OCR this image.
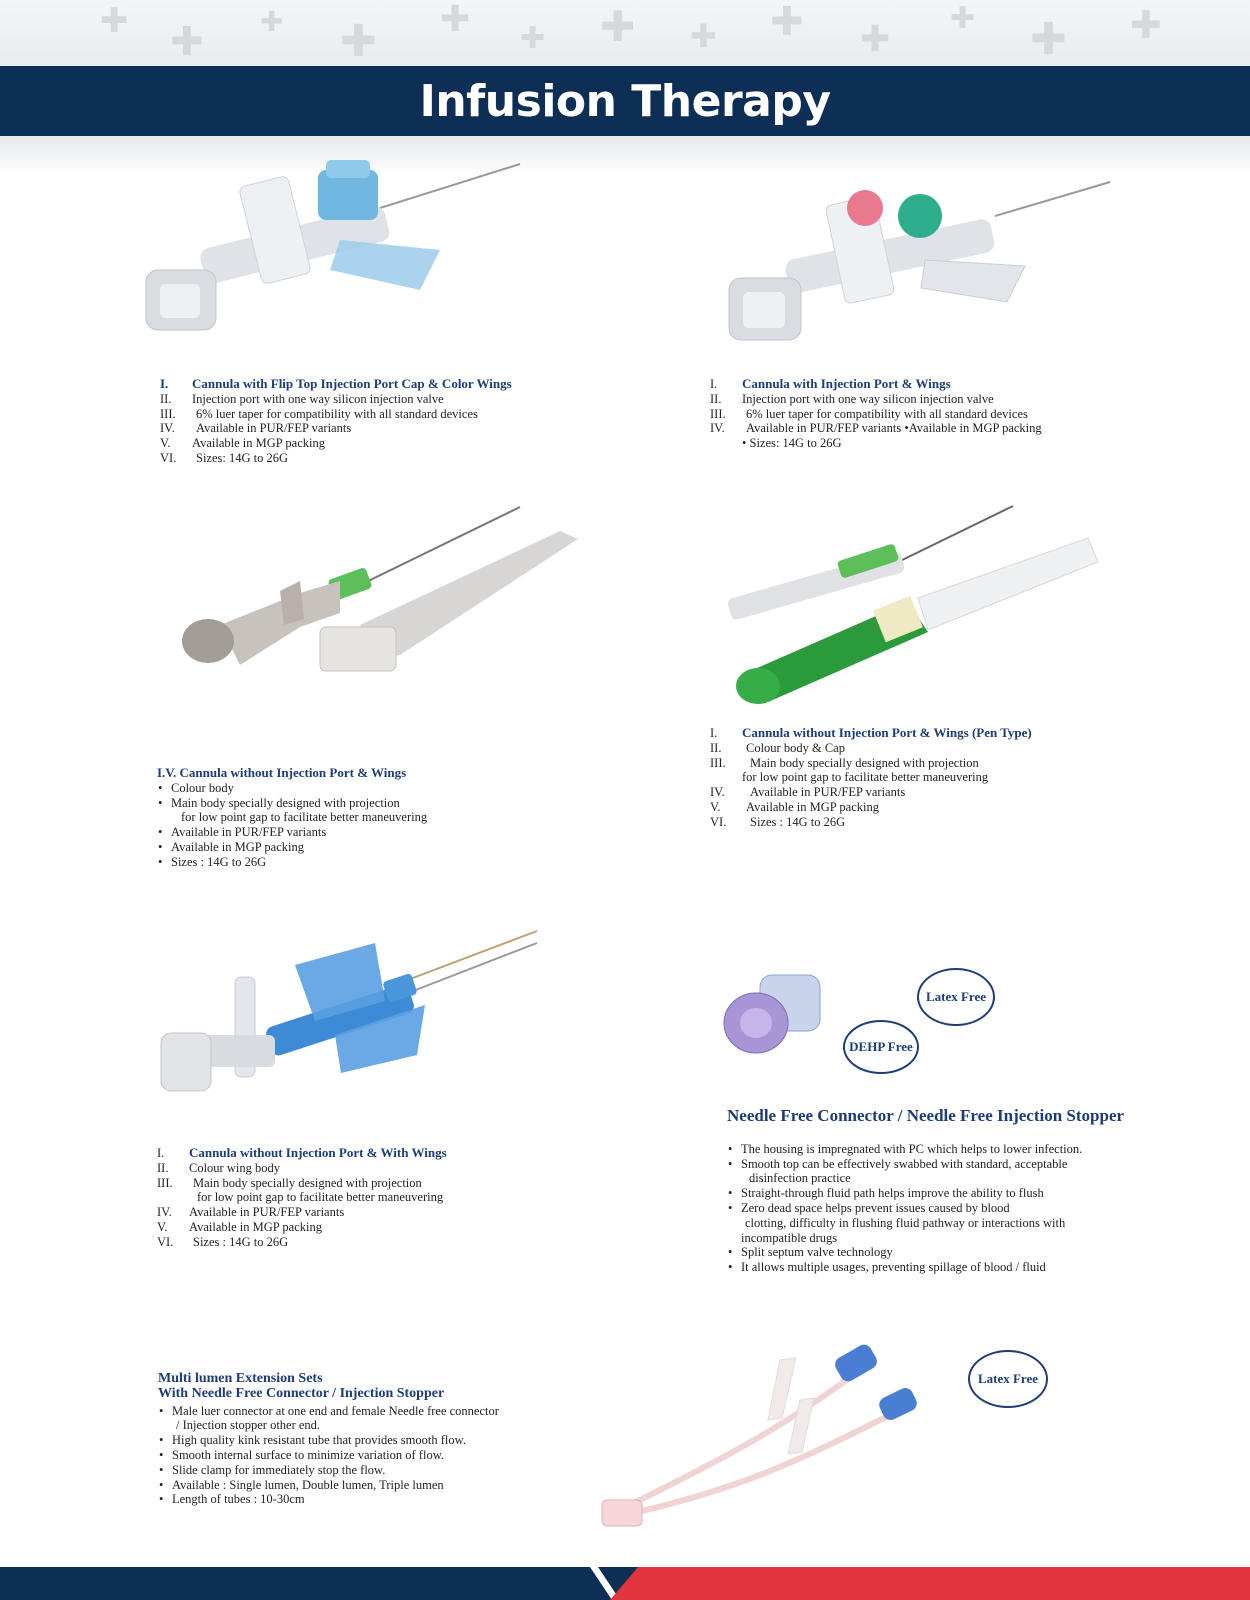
✚ ✚ ✚ ✚ ✚ ✚ ✚ ✚ ✚ ✚
✚ ✚ ✚
Infusion Therapy
I.	Cannula with Flip Top Injection Port Cap & Color Wings
II.	Injection port with one way silicon injection valve
III.	6% luer taper for compatibility with all standard devices
IV.	Available in PUR/FEP variants
V.	Available in MGP packing
VI.	Sizes: 14G to 26G
I.	Cannula with Injection Port & Wings
II.	Injection port with one way silicon injection valve
III.	6% luer taper for compatibility with all standard devices
IV.	Available in PUR/FEP variants •Available in MGP packing
• Sizes: 14G to 26G
I.V. Cannula without Injection Port & Wings
• Colour body
• Main body specially designed with projection
for low point gap to facilitate better maneuvering
• Available in PUR/FEP variants
• Available in MGP packing
• Sizes : 14G to 26G
I.	Cannula without Injection Port & Wings (Pen Type)
II.	Colour body & Cap
III.	Main body specially designed with projection
for low point gap to facilitate better maneuvering
IV.	Available in PUR/FEP variants
V.	Available in MGP packing
VI.	Sizes : 14G to 26G
I.	Cannula without Injection Port & With Wings
II.	Colour wing body
III.	Main body specially designed with projection
for low point gap to facilitate better maneuvering
IV.	Available in PUR/FEP variants
V.	Available in MGP packing
VI.	Sizes : 14G to 26G
Latex Free
DEHP Free
Needle Free Connector / Needle Free Injection Stopper
• The housing is impregnated with PC which helps to lower infection.
• Smooth top can be effectively swabbed with standard, acceptable
disinfection practice
• Straight-through fluid path helps improve the ability to flush
• Zero dead space helps prevent issues caused by blood
clotting, difficulty in flushing fluid pathway or interactions with
incompatible drugs
• Split septum valve technology
• It allows multiple usages, preventing spillage of blood / fluid
Multi lumen Extension Sets
With Needle Free Connector / Injection Stopper
• Male luer connector at one end and female Needle free connector
/ Injection stopper other end.
• High quality kink resistant tube that provides smooth flow.
• Smooth internal surface to minimize variation of flow.
• Slide clamp for immediately stop the flow.
• Available : Single lumen, Double lumen, Triple lumen
• Length of tubes : 10-30cm
Latex Free
